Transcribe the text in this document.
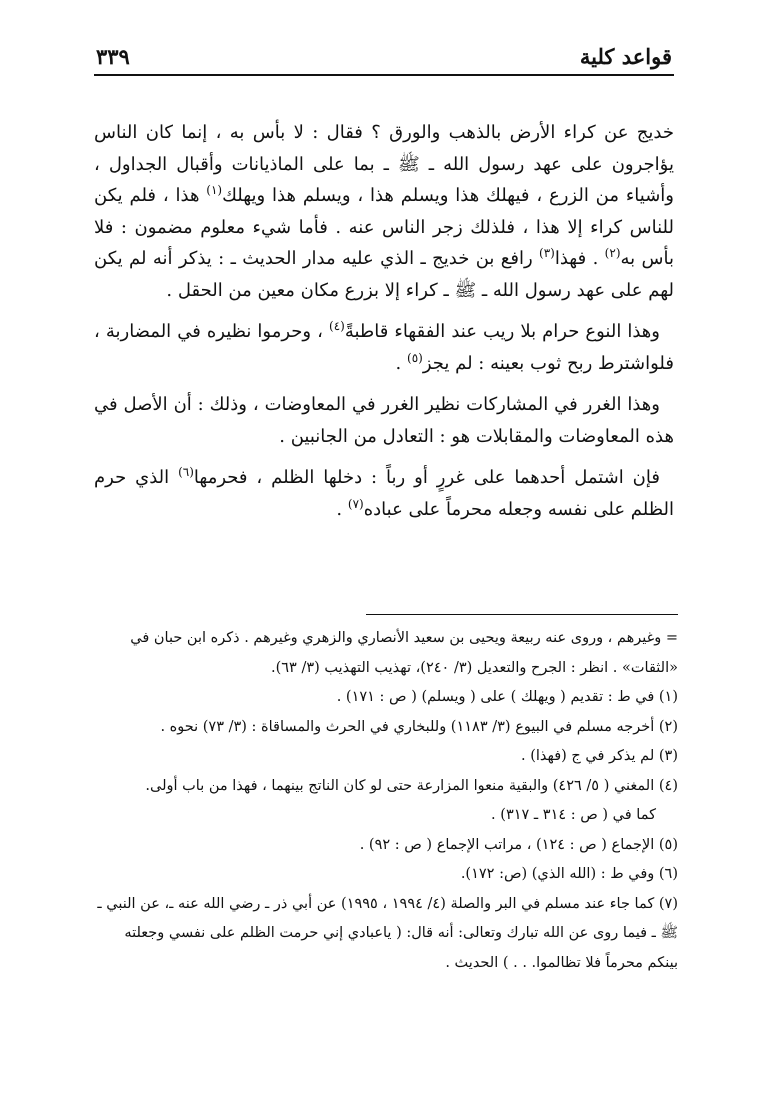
قواعد كلية
٣٣٩

خديج عن كراء الأرض بالذهب والورق ؟ فقال : لا بأس به ، إنما كان الناس يؤاجرون على عهد رسول الله ـ ﷺ ـ بما على الماذيانات وأقبال الجداول ، وأشياء من الزرع ، فيهلك هذا ويسلم هذا ، ويسلم هذا ويهلك$^{(١)}$ هذا ، فلم يكن للناس كراء إلا هذا ، فلذلك زجر الناس عنه . فأما شيء معلوم مضمون : فلا بأس به$^{(٢)}$ . فهذا$^{(٣)}$ رافع بن خديج ـ الذي عليه مدار الحديث ـ : يذكر أنه لم يكن لهم على عهد رسول الله ـ ﷺ ـ كراء إلا بزرع مكان معين من الحقل .

وهذا النوع حرام بلا ريب عند الفقهاء قاطبةً$^{(٤)}$ ، وحرموا نظيره في المضاربة ، فلواشترط ربح ثوب بعينه : لم يجز$^{(٥)}$ .

وهذا الغرر في المشاركات نظير الغرر في المعاوضات ، وذلك : أن الأصل في هذه المعاوضات والمقابلات هو : التعادل من الجانبين .

فإن اشتمل أحدهما على غررٍ أو رباً : دخلها الظلم ، فحرمها$^{(٦)}$ الذي حرم الظلم على نفسه وجعله محرماً على عباده$^{(٧)}$ .

= وغيرهم ، وروى عنه ربيعة ويحيى بن سعيد الأنصاري والزهري وغيرهم . ذكره ابن حبان في «الثقات» . انظر : الجرح والتعديل (٣/ ٢٤٠)، تهذيب التهذيب (٣/ ٦٣).

(١) في ط : تقديم ( ويهلك ) على ( ويسلم) ( ص : ١٧١) .

(٢) أخرجه مسلم في البيوع (٣/ ١١٨٣) وللبخاري في الحرث والمساقاة : (٣/ ٧٣) نحوه .

(٣) لم يذكر في ج (فهذا) .

(٤) المغني ( ٥/ ٤٢٦) والبقية منعوا المزارعة حتى لو كان الناتج بينهما ، فهذا من باب أولى.

كما في ( ص : ٣١٤ ـ ٣١٧) .

(٥) الإجماع ( ص : ١٢٤) ، مراتب الإجماع ( ص : ٩٢) .

(٦) وفي ط : (الله الذي) (ص: ١٧٢).

(٧) كما جاء عند مسلم في البر والصلة (٤/ ١٩٩٤ ، ١٩٩٥) عن أبي ذر ـ رضي الله عنه ـ، عن النبي ـ ﷺ ـ فيما روى عن الله تبارك وتعالى: أنه قال: ( ياعبادي إني حرمت الظلم على نفسي وجعلته بينكم محرماً فلا تظالموا. . . ) الحديث .
